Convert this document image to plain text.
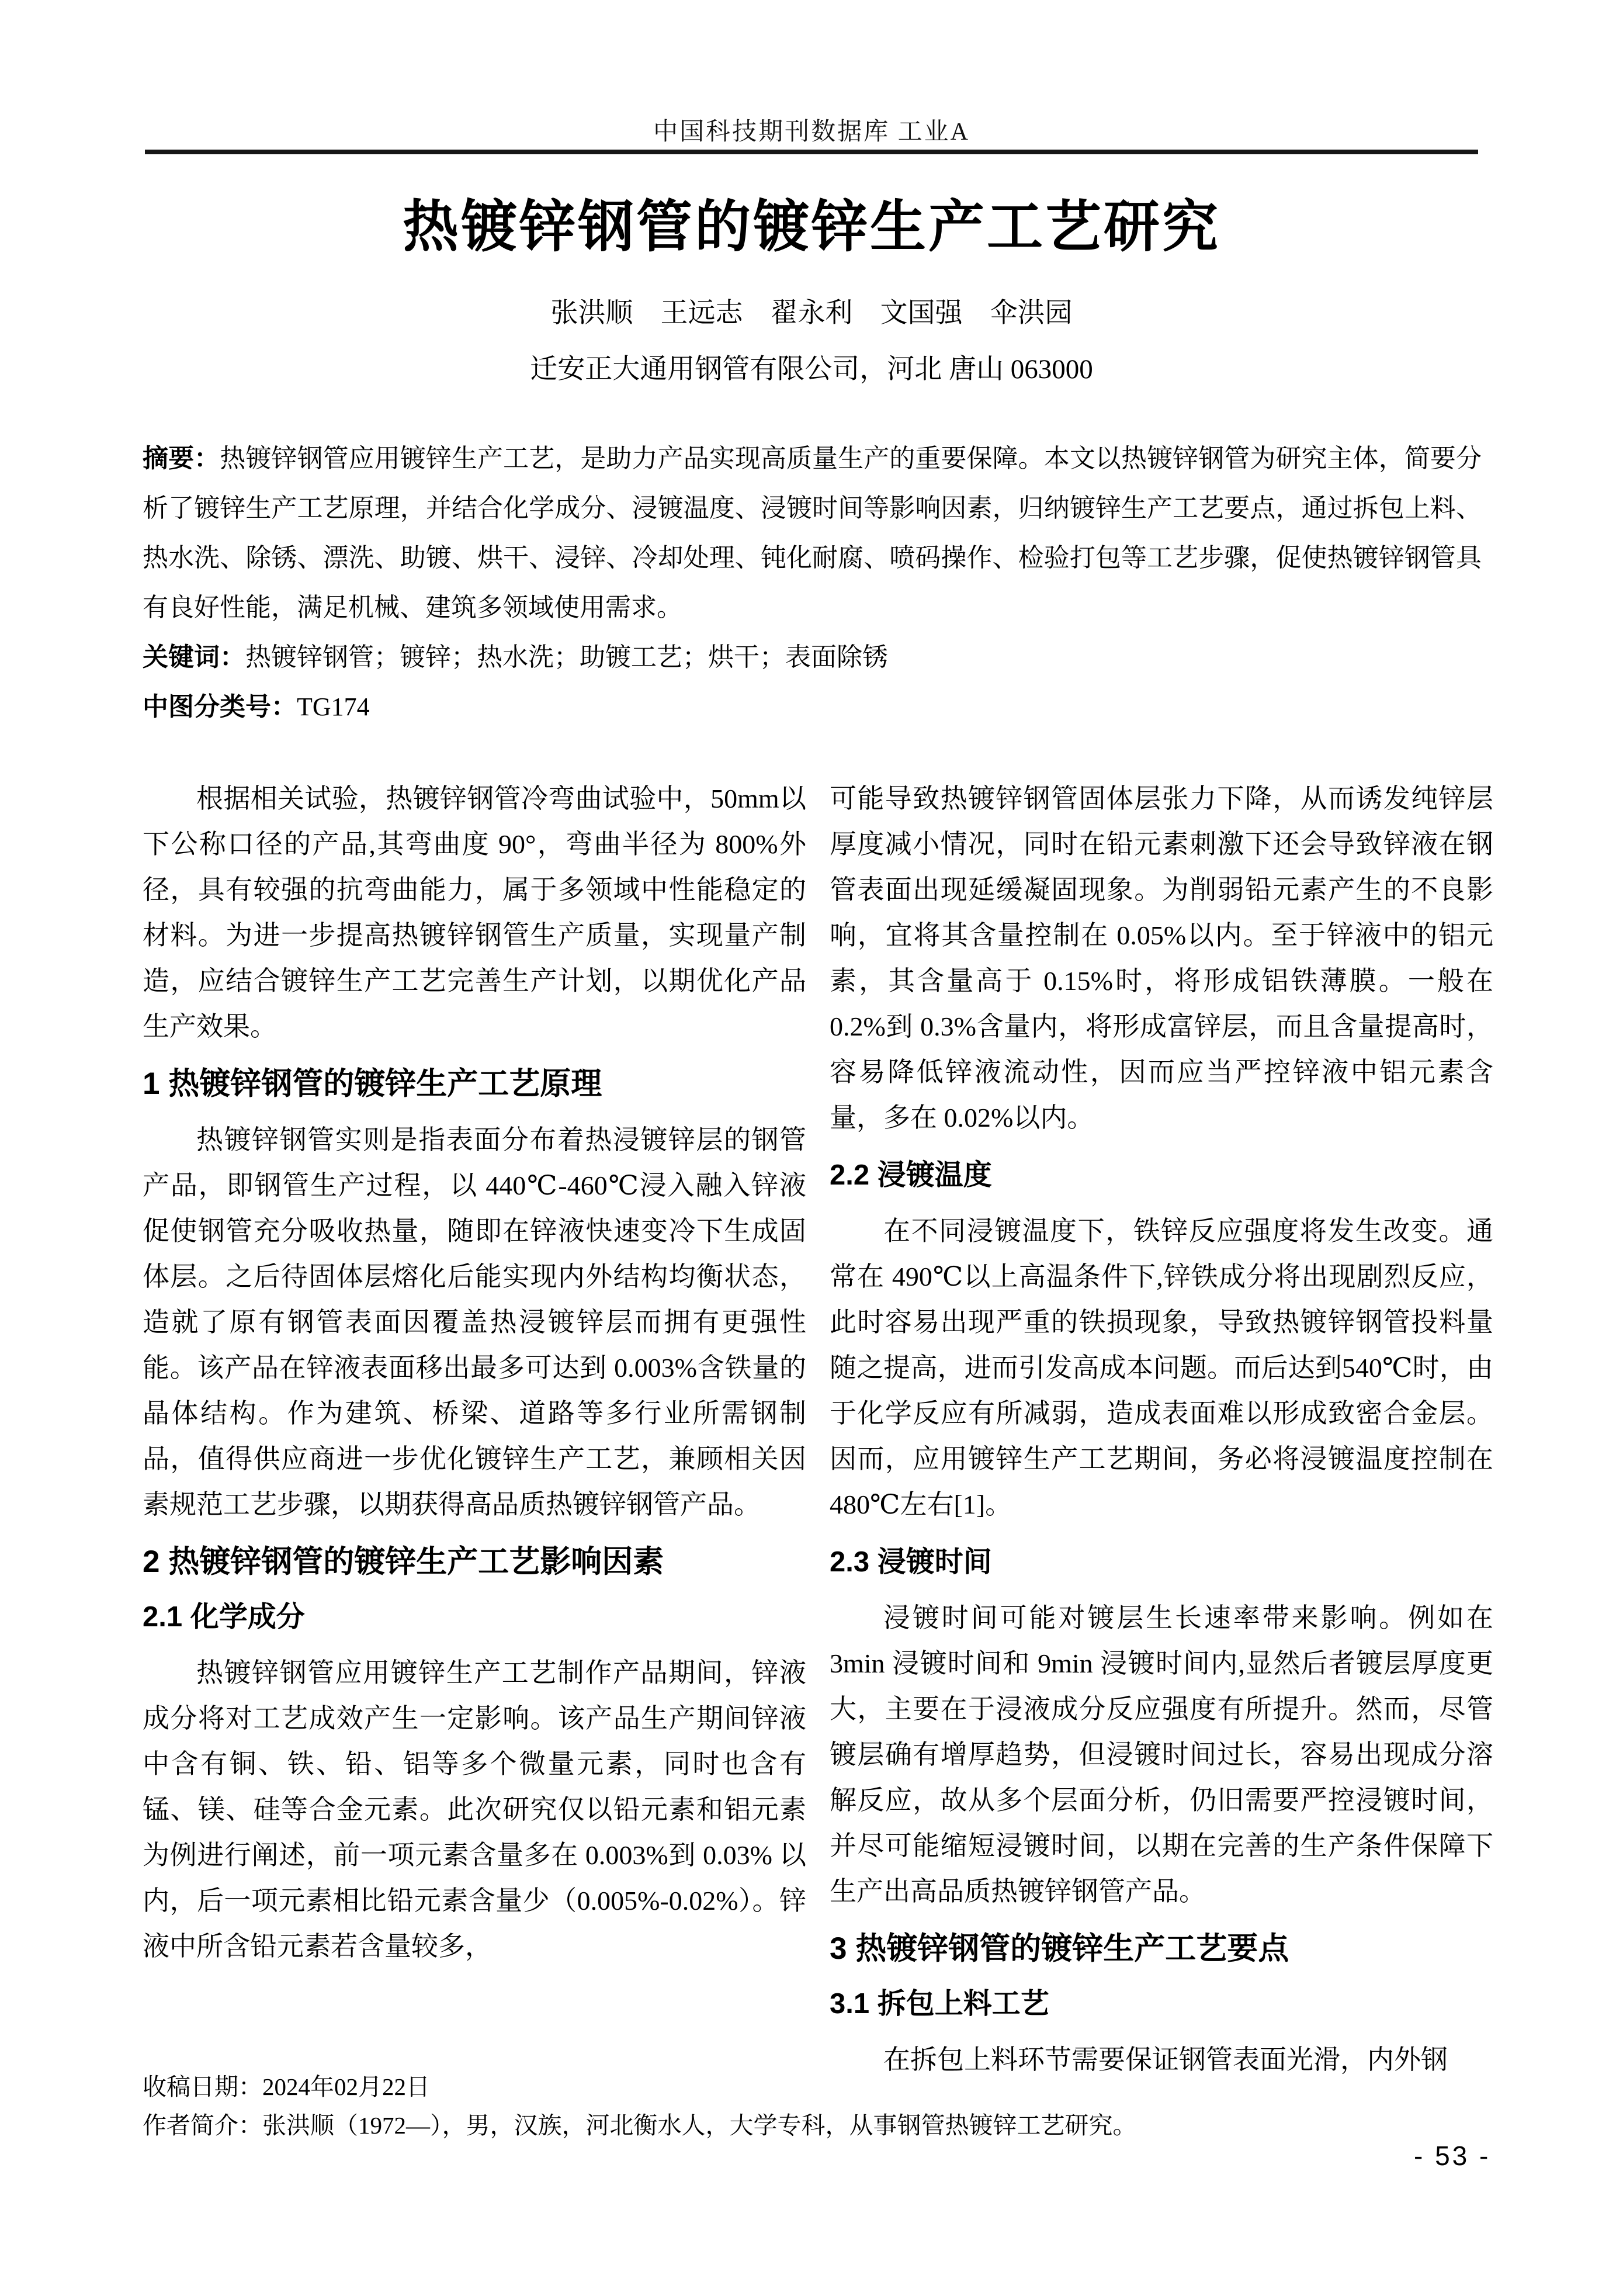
中国科技期刊数据库 工业A
热镀锌钢管的镀锌生产工艺研究
张洪顺　王远志　翟永利　文国强　伞洪园
迁安正大通用钢管有限公司，河北 唐山 063000

摘要：热镀锌钢管应用镀锌生产工艺，是助力产品实现高质量生产的重要保障。本文以热镀锌钢管为研究主体，简要分析了镀锌生产工艺原理，并结合化学成分、浸镀温度、浸镀时间等影响因素，归纳镀锌生产工艺要点，通过拆包上料、热水洗、除锈、漂洗、助镀、烘干、浸锌、冷却处理、钝化耐腐、喷码操作、检验打包等工艺步骤，促使热镀锌钢管具有良好性能，满足机械、建筑多领域使用需求。

关键词：热镀锌钢管；镀锌；热水洗；助镀工艺；烘干；表面除锈

中图分类号：TG174

根据相关试验，热镀锌钢管冷弯曲试验中，50mm以下公称口径的产品,其弯曲度 90°，弯曲半径为 800%外径，具有较强的抗弯曲能力，属于多领域中性能稳定的材料。为进一步提高热镀锌钢管生产质量，实现量产制造，应结合镀锌生产工艺完善生产计划，以期优化产品生产效果。

1 热镀锌钢管的镀锌生产工艺原理

热镀锌钢管实则是指表面分布着热浸镀锌层的钢管产品，即钢管生产过程，以 440℃-460℃浸入融入锌液促使钢管充分吸收热量，随即在锌液快速变冷下生成固体层。之后待固体层熔化后能实现内外结构均衡状态，造就了原有钢管表面因覆盖热浸镀锌层而拥有更强性能。该产品在锌液表面移出最多可达到 0.003%含铁量的晶体结构。作为建筑、桥梁、道路等多行业所需钢制品，值得供应商进一步优化镀锌生产工艺，兼顾相关因素规范工艺步骤，以期获得高品质热镀锌钢管产品。

2 热镀锌钢管的镀锌生产工艺影响因素
2.1 化学成分

热镀锌钢管应用镀锌生产工艺制作产品期间，锌液成分将对工艺成效产生一定影响。该产品生产期间锌液中含有铜、铁、铅、铝等多个微量元素，同时也含有锰、镁、硅等合金元素。此次研究仅以铅元素和铝元素为例进行阐述，前一项元素含量多在 0.003%到 0.03% 以内，后一项元素相比铅元素含量少（0.005%-0.02%）。锌液中所含铅元素若含量较多，

可能导致热镀锌钢管固体层张力下降，从而诱发纯锌层厚度减小情况，同时在铅元素刺激下还会导致锌液在钢管表面出现延缓凝固现象。为削弱铅元素产生的不良影响，宜将其含量控制在 0.05%以内。至于锌液中的铝元素，其含量高于 0.15%时，将形成铝铁薄膜。一般在 0.2%到 0.3%含量内，将形成富锌层，而且含量提高时，容易降低锌液流动性，因而应当严控锌液中铝元素含量，多在 0.02%以内。

2.2 浸镀温度

在不同浸镀温度下，铁锌反应强度将发生改变。通常在 490℃以上高温条件下,锌铁成分将出现剧烈反应，此时容易出现严重的铁损现象，导致热镀锌钢管投料量随之提高，进而引发高成本问题。而后达到540℃时，由于化学反应有所减弱，造成表面难以形成致密合金层。因而，应用镀锌生产工艺期间，务必将浸镀温度控制在 480℃左右[1]。

2.3 浸镀时间

浸镀时间可能对镀层生长速率带来影响。例如在 3min 浸镀时间和 9min 浸镀时间内,显然后者镀层厚度更大，主要在于浸液成分反应强度有所提升。然而，尽管镀层确有增厚趋势，但浸镀时间过长，容易出现成分溶解反应，故从多个层面分析，仍旧需要严控浸镀时间，并尽可能缩短浸镀时间，以期在完善的生产条件保障下生产出高品质热镀锌钢管产品。

3 热镀锌钢管的镀锌生产工艺要点
3.1 拆包上料工艺

在拆包上料环节需要保证钢管表面光滑，内外钢

收稿日期：2024年02月22日

作者简介：张洪顺（1972—），男，汉族，河北衡水人，大学专科，从事钢管热镀锌工艺研究。

- 53 -
